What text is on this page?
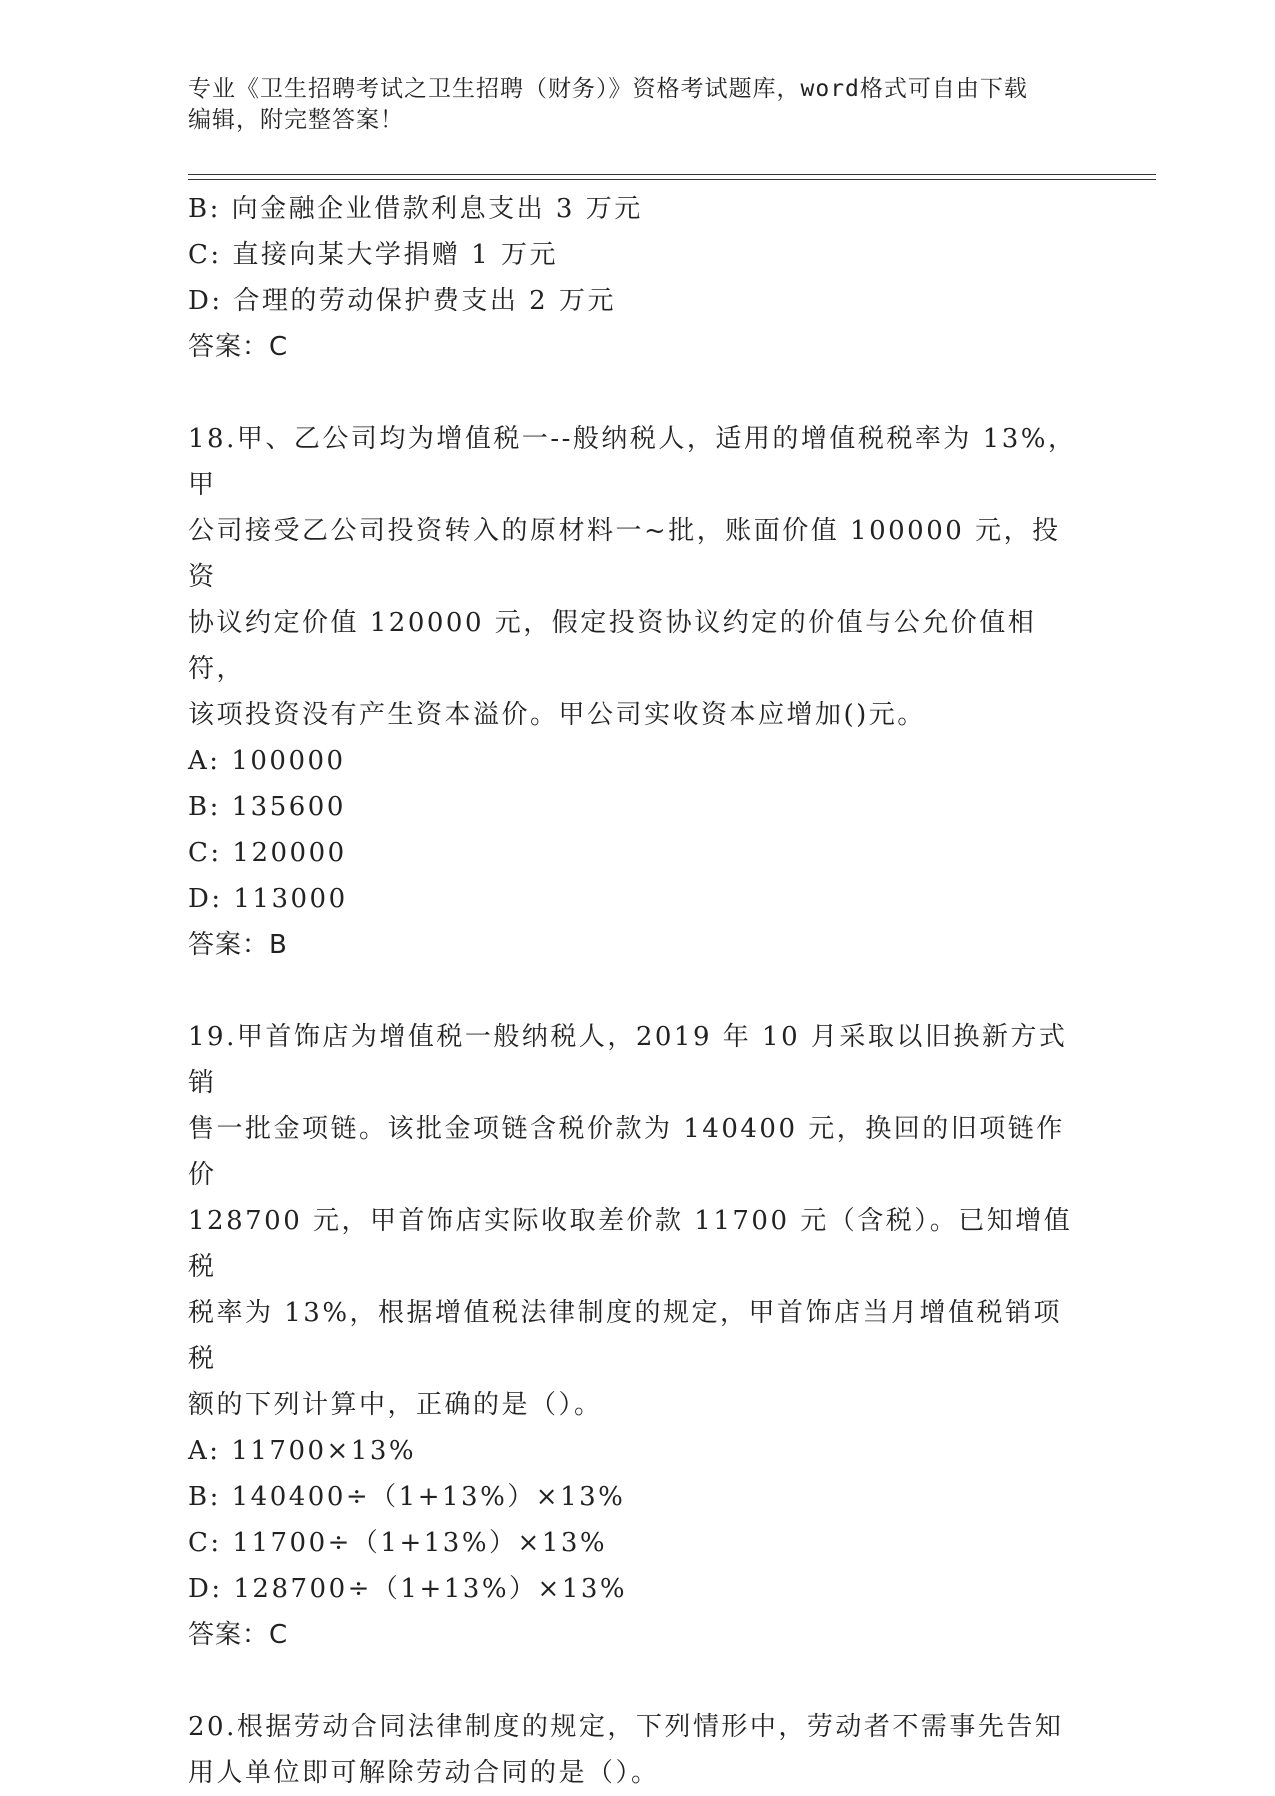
专业《卫生招聘考试之卫生招聘（财务）》资格考试题库，word格式可自由下载
编辑，附完整答案！
B: 向金融企业借款利息支出 3 万元
C: 直接向某大学捐赠 1 万元
D: 合理的劳动保护费支出 2 万元
答案：C
18.甲、乙公司均为增值税一--般纳税人，适用的增值税税率为 13%，甲
公司接受乙公司投资转入的原材料一~批，账面价值 100000 元，投资
协议约定价值 120000 元，假定投资协议约定的价值与公允价值相符，
该项投资没有产生资本溢价。甲公司实收资本应增加()元。
A: 100000
B: 135600
C: 120000
D: 113000
答案：B
19.甲首饰店为增值税一般纳税人，2019 年 10 月采取以旧换新方式销
售一批金项链。该批金项链含税价款为 140400 元，换回的旧项链作价
128700 元，甲首饰店实际收取差价款 11700 元（含税）。已知增值税
税率为 13%，根据增值税法律制度的规定，甲首饰店当月增值税销项税
额的下列计算中，正确的是（）。
A: 11700×13%
B: 140400÷（1+13%）×13%
C: 11700÷（1+13%）×13%
D: 128700÷（1+13%）×13%
答案：C
20.根据劳动合同法律制度的规定，下列情形中，劳动者不需事先告知
用人单位即可解除劳动合同的是（）。
